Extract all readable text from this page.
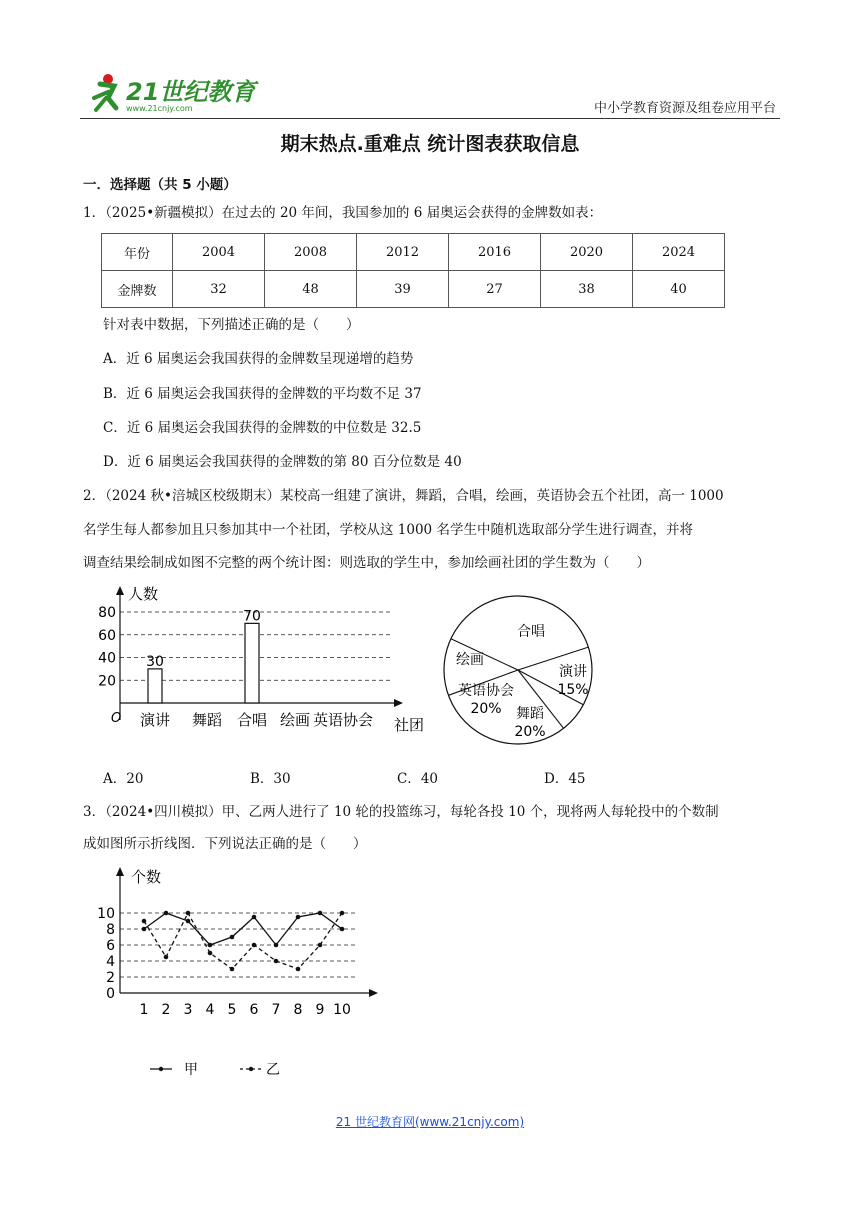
21世纪教育
www.21cnjy.com	中小学教育资源及组卷应用平台
期末热点.重难点 统计图表获取信息
一．选择题（共 5 小题）
1．（2025•新疆模拟）在过去的 20 年间，我国参加的 6 届奥运会获得的金牌数如表：
年份	2004	2008	2012	2016	2020	2024
金牌数	32	48	39	27	38	40
针对表中数据，下列描述正确的是（　　）
A．近 6 届奥运会我国获得的金牌数呈现递增的趋势
B．近 6 届奥运会我国获得的金牌数的平均数不足 37
C．近 6 届奥运会我国获得的金牌数的中位数是 32.5
D．近 6 届奥运会我国获得的金牌数的第 80 百分位数是 40
2．（2024 秋•涪城区校级期末）某校高一组建了演讲，舞蹈，合唱，绘画，英语协会五个社团，高一 1000
名学生每人都参加且只参加其中一个社团，学校从这 1000 名学生中随机选取部分学生进行调查，并将
调查结果绘制成如图不完整的两个统计图：则选取的学生中，参加绘画社团的学生数为（　　）
20
40
60
80
人数
社团
O 演讲
30
舞蹈 合唱
70
绘画 英语协会
合唱
演讲
15%
舞蹈
20%
英语协会
20%
绘画
A．20	B．30	C．40	D．45
3．（2024•四川模拟）甲、乙两人进行了 10 轮的投篮练习，每轮各投 10 个，现将两人每轮投中的个数制
成如图所示折线图．下列说法正确的是（　　）
0
2
4
6
8
10
个数
1 2 3 4 5 6 7 8 9 10
甲	乙
21 世纪教育网(www.21cnjy.com)
